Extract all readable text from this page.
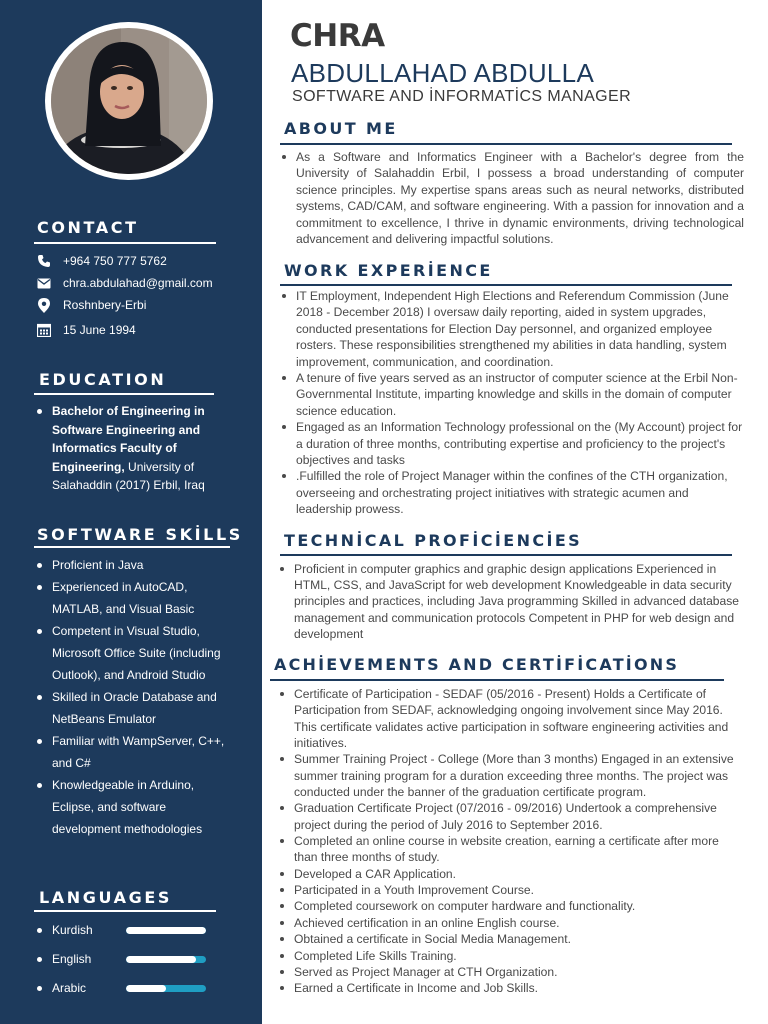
CONTACT
+964 750 777 5762
chra.abdulahad@gmail.com
Roshnbery-Erbi
15 June 1994
EDUCATION
Bachelor of Engineering in Software Engineering and Informatics Faculty of Engineering, University of Salahaddin (2017) Erbil, Iraq
SOFTWARE SKİLLS
Proficient in Java
Experienced in AutoCAD, MATLAB, and Visual Basic
Competent in Visual Studio, Microsoft Office Suite (including Outlook), and Android Studio
Skilled in Oracle Database and NetBeans Emulator
Familiar with WampServer, C++, and C#
Knowledgeable in Arduino, Eclipse, and software development methodologies
LANGUAGES
Kurdish
English
Arabic
CHRA
ABDULLAHAD ABDULLA
SOFTWARE AND İNFORMATİCS MANAGER
ABOUT ME
As a Software and Informatics Engineer with a Bachelor's degree from the University of Salahaddin Erbil, I possess a broad understanding of computer science principles. My expertise spans areas such as neural networks, distributed systems, CAD/CAM, and software engineering. With a passion for innovation and a commitment to excellence, I thrive in dynamic environments, driving technological advancement and delivering impactful solutions.
WORK EXPERİENCE
IT Employment, Independent High Elections and Referendum Commission (June 2018 - December 2018) I oversaw daily reporting, aided in system upgrades, conducted presentations for Election Day personnel, and organized employee rosters. These responsibilities strengthened my abilities in data handling, system improvement, communication, and coordination.
A tenure of five years served as an instructor of computer science at the Erbil Non-Governmental Institute, imparting knowledge and skills in the domain of computer science education.
Engaged as an Information Technology professional on the (My Account) project for a duration of three months, contributing expertise and proficiency to the project's objectives and tasks
.Fulfilled the role of Project Manager within the confines of the CTH organization, overseeing and orchestrating project initiatives with strategic acumen and leadership prowess.
TECHNİCAL PROFİCİENCİES
Proficient in computer graphics and graphic design applications Experienced in HTML, CSS, and JavaScript for web development Knowledgeable in data security principles and practices, including Java programming Skilled in advanced database management and communication protocols Competent in PHP for web design and development
ACHİEVEMENTS AND CERTİFİCATİONS
Certificate of Participation - SEDAF (05/2016 - Present) Holds a Certificate of Participation from SEDAF, acknowledging ongoing involvement since May 2016. This certificate validates active participation in software engineering activities and initiatives.
Summer Training Project - College (More than 3 months) Engaged in an extensive summer training program for a duration exceeding three months. The project was conducted under the banner of the graduation certificate program.
Graduation Certificate Project (07/2016 - 09/2016) Undertook a comprehensive project during the period of July 2016 to September 2016.
Completed an online course in website creation, earning a certificate after more than three months of study.
Developed a CAR Application.
Participated in a Youth Improvement Course.
Completed coursework on computer hardware and functionality.
Achieved certification in an online English course.
Obtained a certificate in Social Media Management.
Completed Life Skills Training.
Served as Project Manager at CTH Organization.
Earned a Certificate in Income and Job Skills.
